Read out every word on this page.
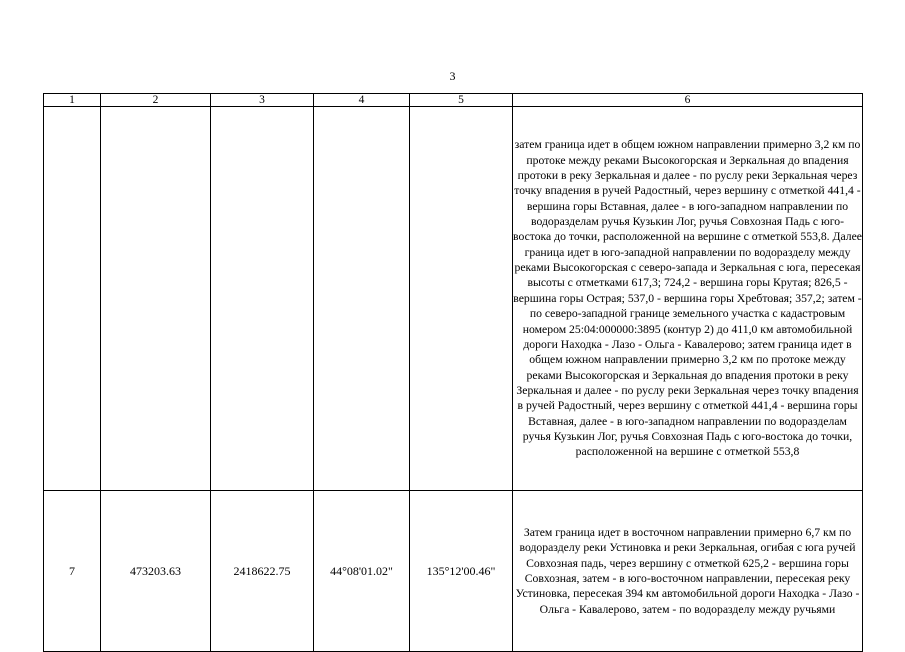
3
1	2	3	4	5	6
					затем граница идет в общем южном направлении примерно 3,2 км по протоке между реками Высокогорская и Зеркальная до впадения протоки в реку Зеркальная и далее - по руслу реки Зеркальная через точку впадения в ручей Радостный, через вершину с отметкой 441,4 - вершина горы Вставная, далее - в юго-западном направлении по водоразделам ручья Кузькин Лог, ручья Совхозная Падь с юго-востока до точки, расположенной на вершине с отметкой 553,8. Далее граница идет в юго-западной направлении по водоразделу между реками Высокогорская с северо-запада и Зеркальная с юга, пересекая высоты с отметками 617,3; 724,2 - вершина горы Крутая; 826,5 - вершина горы Острая; 537,0 - вершина горы Хребтовая; 357,2; затем - по северо-западной границе земельного участка с кадастровым номером 25:04:000000:3895 (контур 2) до 411,0 км автомобильной дороги Находка - Лазо - Ольга - Кавалерово; затем граница идет в общем южном направлении примерно 3,2 км по протоке между реками Высокогорская и Зеркальная до впадения протоки в реку Зеркальная и далее - по руслу реки Зеркальная через точку впадения в ручей Радостный, через вершину с отметкой 441,4 - вершина горы Вставная, далее - в юго-западном направлении по водоразделам ручья Кузькин Лог, ручья Совхозная Падь с юго-востока до точки, расположенной на вершине с отметкой 553,8
7	473203.63	2418622.75	44°08'01.02"	135°12'00.46"	Затем граница идет в восточном направлении примерно 6,7 км по водоразделу реки Устиновка и реки Зеркальная, огибая с юга ручей Совхозная падь, через вершину с отметкой 625,2 - вершина горы Совхозная, затем - в юго-восточном направлении, пересекая реку Устиновка, пересекая 394 км автомобильной дороги Находка - Лазо - Ольга - Кавалерово, затем - по водоразделу между ручьями
